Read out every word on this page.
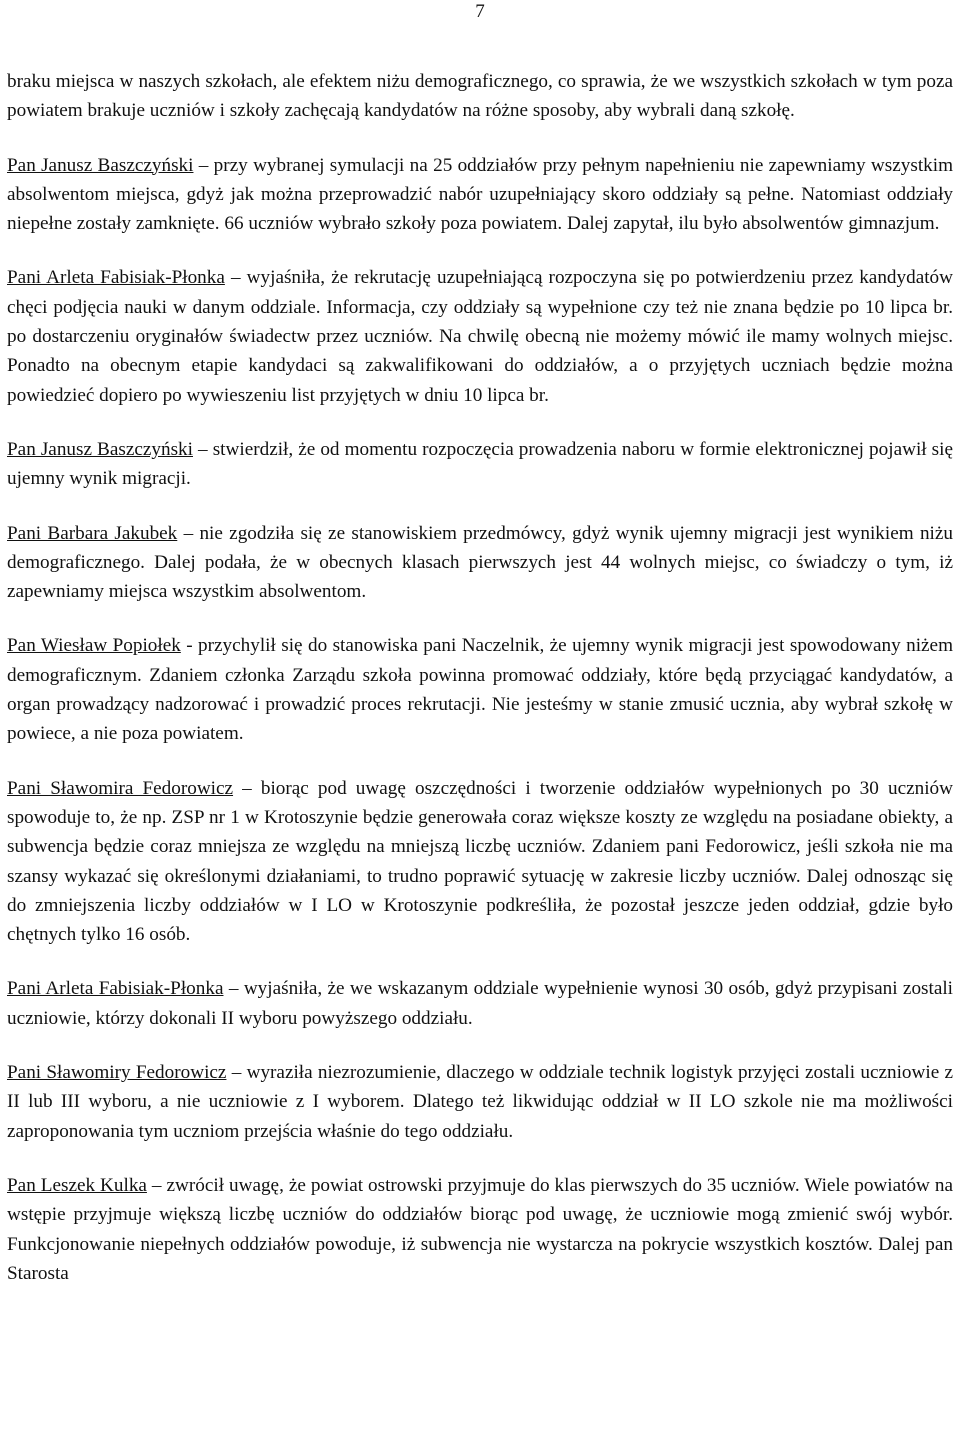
7

braku miejsca w naszych szkołach, ale efektem niżu demograficznego, co sprawia, że we wszystkich szkołach w tym poza powiatem brakuje uczniów i szkoły zachęcają kandydatów na różne sposoby, aby wybrali daną szkołę.

Pan Janusz Baszczyński – przy wybranej symulacji na 25 oddziałów przy pełnym napełnieniu nie zapewniamy wszystkim absolwentom miejsca, gdyż jak można przeprowadzić nabór uzupełniający skoro oddziały są pełne. Natomiast oddziały niepełne zostały zamknięte. 66 uczniów wybrało szkoły poza powiatem. Dalej zapytał, ilu było absolwentów gimnazjum.

Pani Arleta Fabisiak-Płonka – wyjaśniła, że rekrutację uzupełniającą rozpoczyna się po potwierdzeniu przez kandydatów chęci podjęcia nauki w danym oddziale. Informacja, czy oddziały są wypełnione czy też nie znana będzie po 10 lipca br. po dostarczeniu oryginałów świadectw przez uczniów. Na chwilę obecną nie możemy mówić ile mamy wolnych miejsc. Ponadto na obecnym etapie kandydaci są zakwalifikowani do oddziałów, a o przyjętych uczniach będzie można powiedzieć dopiero po wywieszeniu list przyjętych w dniu 10 lipca br.

Pan Janusz Baszczyński – stwierdził, że od momentu rozpoczęcia prowadzenia naboru w formie elektronicznej pojawił się ujemny wynik migracji.

Pani Barbara Jakubek – nie zgodziła się ze stanowiskiem przedmówcy, gdyż wynik ujemny migracji jest wynikiem niżu demograficznego. Dalej podała, że w obecnych klasach pierwszych jest 44 wolnych miejsc, co świadczy o tym, iż zapewniamy miejsca wszystkim absolwentom.

Pan Wiesław Popiołek - przychylił się do stanowiska pani Naczelnik, że ujemny wynik migracji jest spowodowany niżem demograficznym. Zdaniem członka Zarządu szkoła powinna promować oddziały, które będą przyciągać kandydatów, a organ prowadzący nadzorować i prowadzić proces rekrutacji. Nie jesteśmy w stanie zmusić ucznia, aby wybrał szkołę w powiece, a nie poza powiatem.

Pani Sławomira Fedorowicz – biorąc pod uwagę oszczędności i tworzenie oddziałów wypełnionych po 30 uczniów spowoduje to, że np. ZSP nr 1 w Krotoszynie będzie generowała coraz większe koszty ze względu na posiadane obiekty, a subwencja będzie coraz mniejsza ze względu na mniejszą liczbę uczniów. Zdaniem pani Fedorowicz, jeśli szkoła nie ma szansy wykazać się określonymi działaniami, to trudno poprawić sytuację w zakresie liczby uczniów. Dalej odnosząc się do zmniejszenia liczby oddziałów w I LO w Krotoszynie podkreśliła, że pozostał jeszcze jeden oddział, gdzie było chętnych tylko 16 osób.

Pani Arleta Fabisiak-Płonka – wyjaśniła, że we wskazanym oddziale wypełnienie wynosi 30 osób, gdyż przypisani zostali uczniowie, którzy dokonali II wyboru powyższego oddziału.

Pani Sławomiry Fedorowicz – wyraziła niezrozumienie, dlaczego w oddziale technik logistyk przyjęci zostali uczniowie z II lub III wyboru, a nie uczniowie z I wyborem. Dlatego też likwidując oddział w II LO szkole nie ma możliwości zaproponowania tym uczniom przejścia właśnie do tego oddziału.

Pan Leszek Kulka – zwrócił uwagę, że powiat ostrowski przyjmuje do klas pierwszych do 35 uczniów. Wiele powiatów na wstępie przyjmuje większą liczbę uczniów do oddziałów biorąc pod uwagę, że uczniowie mogą zmienić swój wybór. Funkcjonowanie niepełnych oddziałów powoduje, iż subwencja nie wystarcza na pokrycie wszystkich kosztów. Dalej pan Starosta
